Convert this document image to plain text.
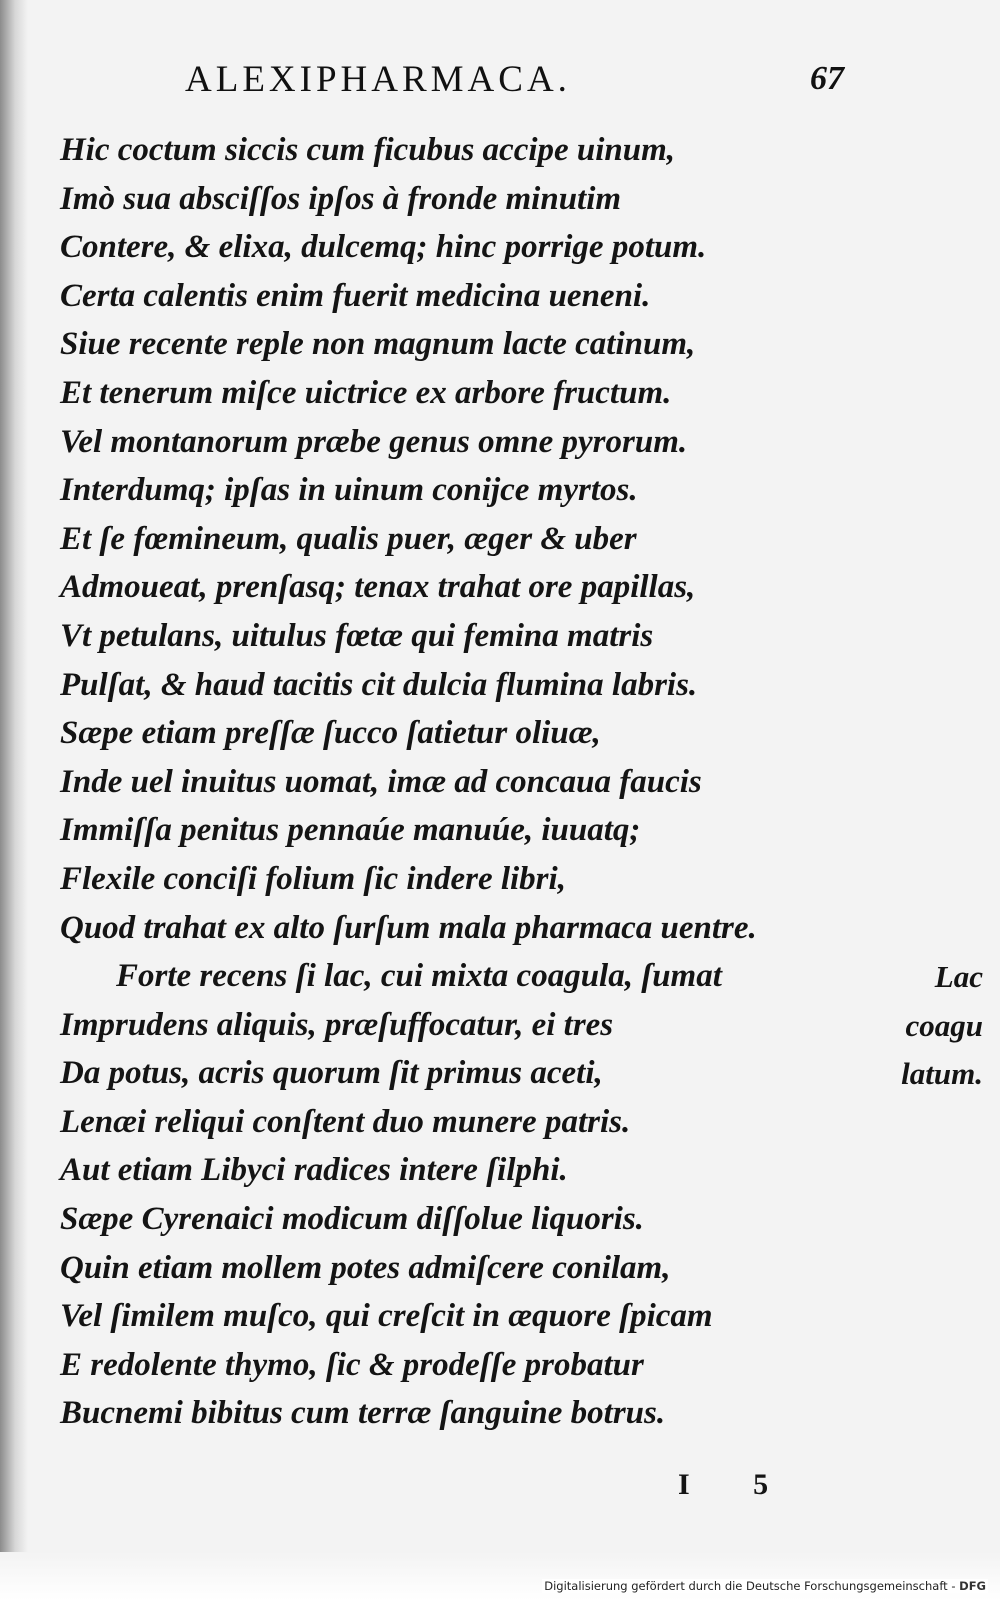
ALEXIPHARMACA.	67
Hic coctum siccis cum ficubus accipe uinum,
Imò sua absciſſos ipſos à fronde minutim
Contere, & elixa, dulcemq; hinc porrige potum.
Certa calentis enim fuerit medicina ueneni.
Siue recente reple non magnum lacte catinum,
Et tenerum miſce uictrice ex arbore fructum.
Vel montanorum præbe genus omne pyrorum.
Interdumq; ipſas in uinum conijce myrtos.
Et ſe fœmineum, qualis puer, æger & uber
Admoueat, prenſasq; tenax trahat ore papillas,
Vt petulans, uitulus fœtæ qui femina matris
Pulſat, & haud tacitis cit dulcia flumina labris.
Sæpe etiam preſſæ ſucco ſatietur oliuæ,
Inde uel inuitus uomat, imæ ad concaua faucis
Immiſſa penitus pennaúe manuúe, iuuatq;
Flexile conciſi folium ſic indere libri,
Quod trahat ex alto ſurſum mala pharmaca uentre.
Forte recens ſi lac, cui mixta coagula, ſumat
Imprudens aliquis, præſuffocatur, ei tres
Da potus, acris quorum ſit primus aceti,
Lenæi reliqui conſtent duo munere patris.
Aut etiam Libyci radices intere ſilphi.
Sæpe Cyrenaici modicum diſſolue liquoris.
Quin etiam mollem potes admiſcere conilam,
Vel ſimilem muſco, qui creſcit in æquore ſpicam
E redolente thymo, ſic & prodeſſe probatur
Bucnemi bibitus cum terræ ſanguine botrus.
Lac
coagu
latum.
I 5
Digitalisierung gefördert durch die Deutsche Forschungsgemeinschaft - DFG
